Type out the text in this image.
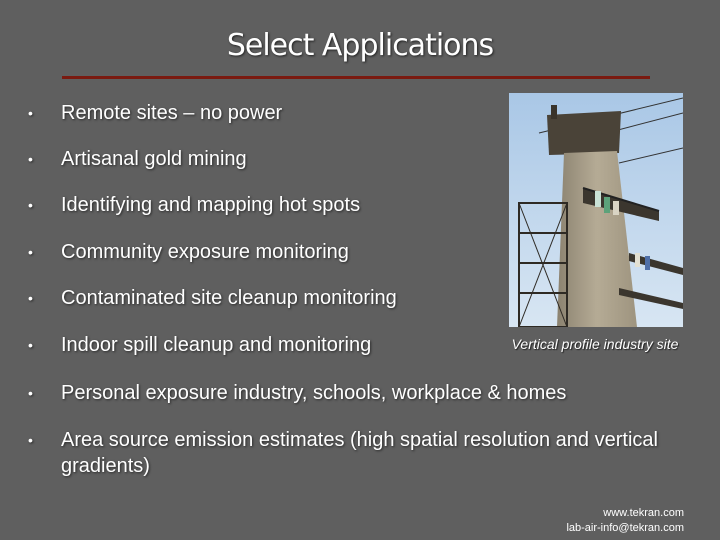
Select Applications
• Remote sites – no power
• Artisanal gold mining
• Identifying and mapping hot spots
• Community exposure monitoring
• Contaminated site cleanup monitoring
• Indoor spill cleanup and monitoring
• Personal exposure industry, schools, workplace & homes
• Area source emission estimates (high spatial resolution and vertical gradients)
Vertical profile industry site
www.tekran.com
lab-air-info@tekran.com
